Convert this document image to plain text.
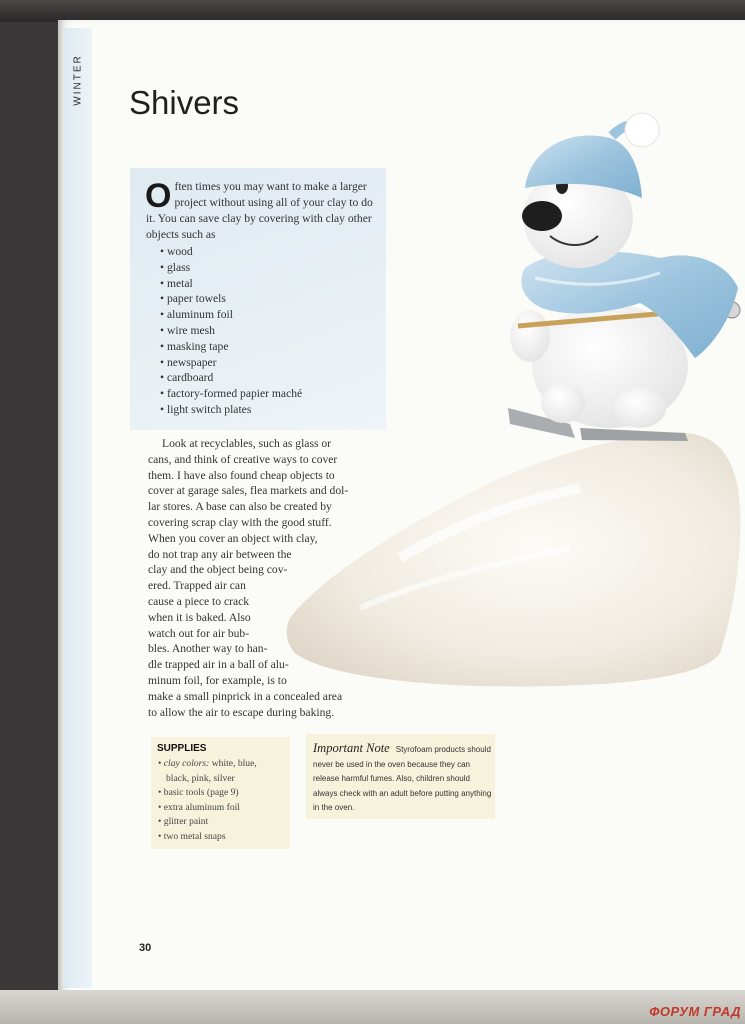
WINTER Shivers

Often times you may want to make a larger project without using all of your clay to do it. You can save clay by covering with clay other objects such as

• wood
• glass
• metal
• paper towels
• aluminum foil
• wire mesh
• masking tape
• newspaper
• cardboard
• factory-formed papier maché
• light switch plates

Look at recyclables, such as glass or
cans, and think of creative ways to cover
them. I have also found cheap objects to
cover at garage sales, flea markets and dol-
lar stores. A base can also be created by
covering scrap clay with the good stuff.
When you cover an object with clay,
do not trap any air between the
clay and the object being cov-
ered. Trapped air can
cause a piece to crack
when it is baked. Also
watch out for air bub-
bles. Another way to han-
dle trapped air in a ball of alu-
minum foil, for example, is to
make a small pinprick in a concealed area
to allow the air to escape during baking.

SUPPLIES
• clay colors: white, blue,
black, pink, silver
• basic tools (page 9)
• extra aluminum foil
• glitter paint
• two metal snaps

Important Note Styrofoam products should never be used in the oven because they can release harmful fumes. Also, children should always check with an adult before putting anything in the oven.

30
ФОРУМ ГРАД
